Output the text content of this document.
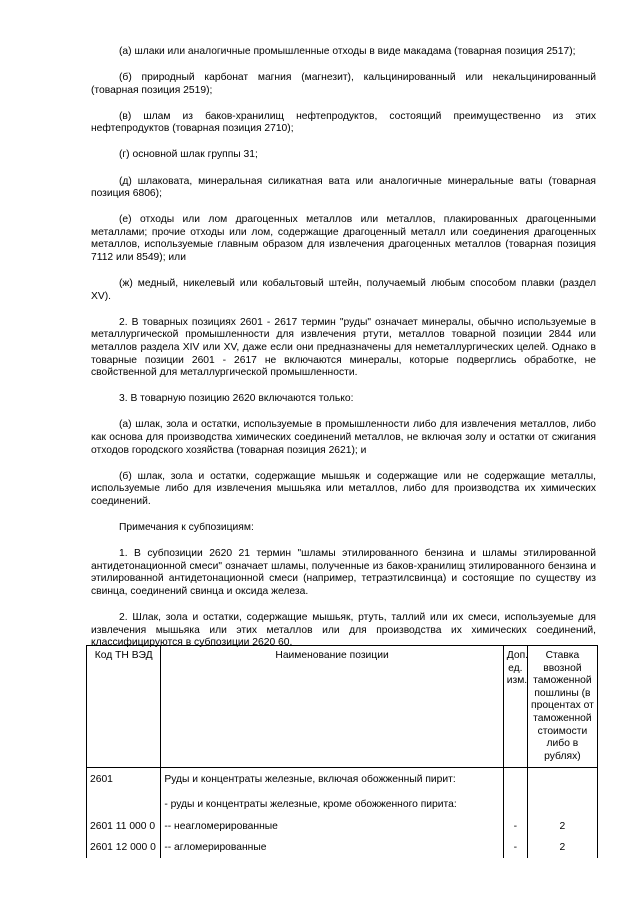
(а) шлаки или аналогичные промышленные отходы в виде макадама (товарная позиция 2517);

(б) природный карбонат магния (магнезит), кальцинированный или некальцинированный (товарная позиция 2519);

(в) шлам из баков-хранилищ нефтепродуктов, состоящий преимущественно из этих нефтепродуктов (товарная позиция 2710);

(г) основной шлак группы 31;

(д) шлаковата, минеральная силикатная вата или аналогичные минеральные ваты (товарная позиция 6806);

(е) отходы или лом драгоценных металлов или металлов, плакированных драгоценными металлами; прочие отходы или лом, содержащие драгоценный металл или соединения драгоценных металлов, используемые главным образом для извлечения драгоценных металлов (товарная позиция 7112 или 8549); или

(ж) медный, никелевый или кобальтовый штейн, получаемый любым способом плавки (раздел XV).

2. В товарных позициях 2601 - 2617 термин "руды" означает минералы, обычно используемые в металлургической промышленности для извлечения ртути, металлов товарной позиции 2844 или металлов раздела XIV или XV, даже если они предназначены для неметаллургических целей. Однако в товарные позиции 2601 - 2617 не включаются минералы, которые подверглись обработке, не свойственной для металлургической промышленности.

3. В товарную позицию 2620 включаются только:

(а) шлак, зола и остатки, используемые в промышленности либо для извлечения металлов, либо как основа для производства химических соединений металлов, не включая золу и остатки от сжигания отходов городского хозяйства (товарная позиция 2621); и

(б) шлак, зола и остатки, содержащие мышьяк и содержащие или не содержащие металлы, используемые либо для извлечения мышьяка или металлов, либо для производства их химических соединений.

Примечания к субпозициям:

1. В субпозиции 2620 21 термин "шламы этилированного бензина и шламы этилированной антидетонационной смеси" означает шламы, полученные из баков-хранилищ этилированного бензина и этилированной антидетонационной смеси (например, тетраэтилсвинца) и состоящие по существу из свинца, соединений свинца и оксида железа.

2. Шлак, зола и остатки, содержащие мышьяк, ртуть, таллий или их смеси, используемые для извлечения мышьяка или этих металлов или для производства их химических соединений, классифицируются в субпозиции 2620 60.

Код ТН ВЭД	Наименование позиции	Доп. ед. изм.	Ставка ввозной таможенной пошлины (в процентах от таможенной стоимости либо в рублях)
2601	Руды и концентраты железные, включая обожженный пирит:
- руды и концентраты железные, кроме обожженного пирита:		
2601 11 000 0	-- неагломерированные	-	2
2601 12 000 0	-- агломерированные	-	2
